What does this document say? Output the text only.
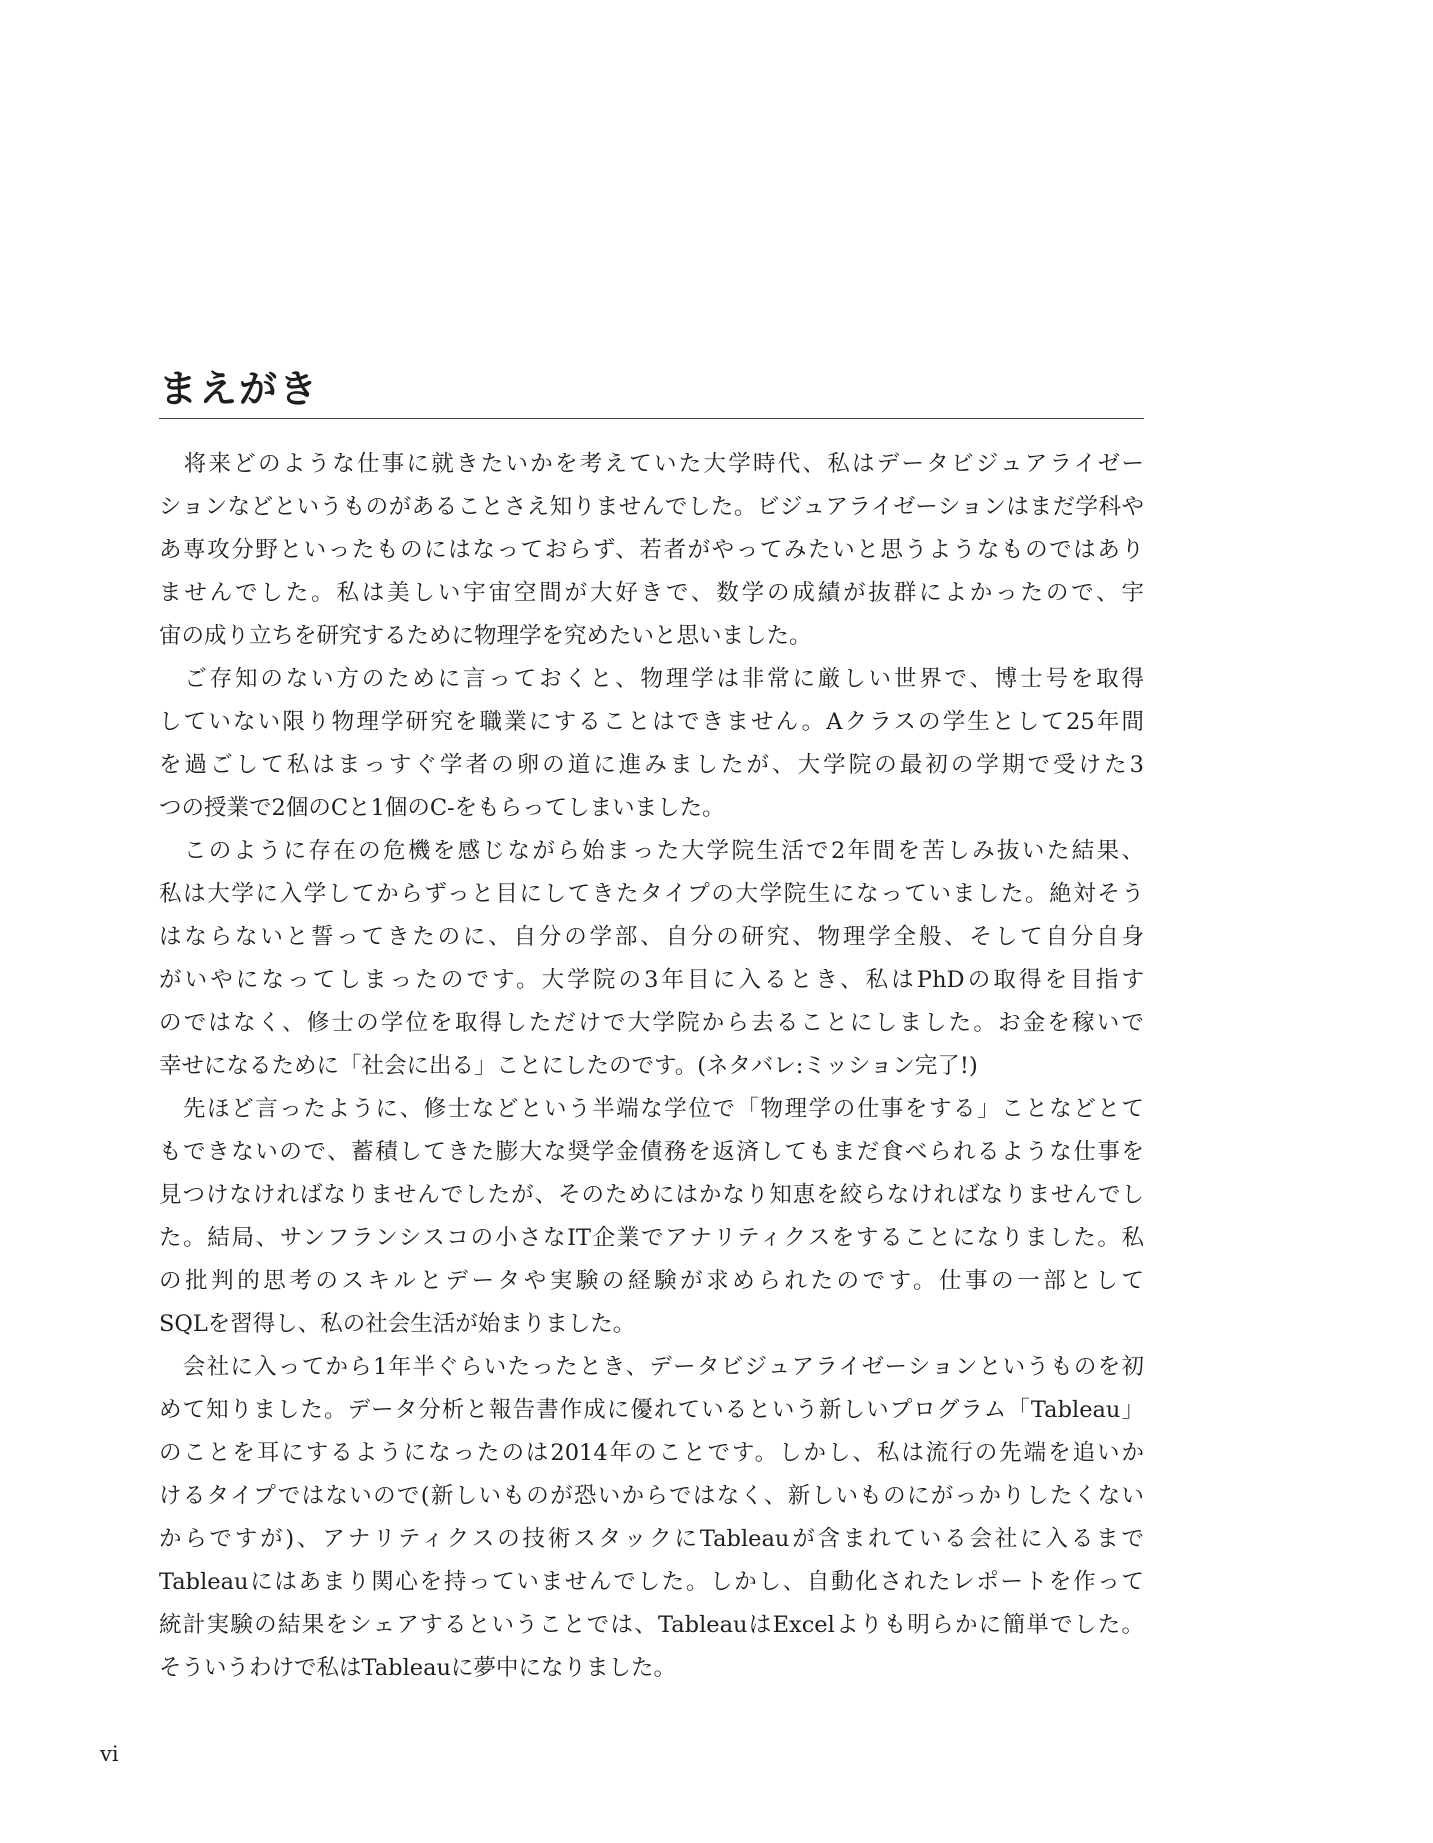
まえがき
　将来どのような仕事に就きたいかを考えていた大学時代、私はデータビジュアライゼー
ションなどというものがあることさえ知りませんでした。ビジュアライゼーションはまだ学科や
あ専攻分野といったものにはなっておらず、若者がやってみたいと思うようなものではあり
ませんでした。私は美しい宇宙空間が大好きで、数学の成績が抜群によかったので、宇
宙の成り立ちを研究するために物理学を究めたいと思いました。
　ご存知のない方のために言っておくと、物理学は非常に厳しい世界で、博士号を取得
していない限り物理学研究を職業にすることはできません。Aクラスの学生として25年間
を過ごして私はまっすぐ学者の卵の道に進みましたが、大学院の最初の学期で受けた3
つの授業で2個のCと1個のC-をもらってしまいました。
　このように存在の危機を感じながら始まった大学院生活で2年間を苦しみ抜いた結果、
私は大学に入学してからずっと目にしてきたタイプの大学院生になっていました。絶対そう
はならないと誓ってきたのに、自分の学部、自分の研究、物理学全般、そして自分自身
がいやになってしまったのです。大学院の3年目に入るとき、私はPhDの取得を目指す
のではなく、修士の学位を取得しただけで大学院から去ることにしました。お金を稼いで
幸せになるために「社会に出る」ことにしたのです。(ネタバレ:ミッション完了!)
　先ほど言ったように、修士などという半端な学位で「物理学の仕事をする」ことなどとて
もできないので、蓄積してきた膨大な奨学金債務を返済してもまだ食べられるような仕事を
見つけなければなりませんでしたが、そのためにはかなり知恵を絞らなければなりませんでし
た。結局、サンフランシスコの小さなIT企業でアナリティクスをすることになりました。私
の批判的思考のスキルとデータや実験の経験が求められたのです。仕事の一部として
SQLを習得し、私の社会生活が始まりました。
　会社に入ってから1年半ぐらいたったとき、データビジュアライゼーションというものを初
めて知りました。データ分析と報告書作成に優れているという新しいプログラム「Tableau」
のことを耳にするようになったのは2014年のことです。しかし、私は流行の先端を追いか
けるタイプではないので(新しいものが恐いからではなく、新しいものにがっかりしたくない
からですが)、アナリティクスの技術スタックにTableauが含まれている会社に入るまで
Tableauにはあまり関心を持っていませんでした。しかし、自動化されたレポートを作って
統計実験の結果をシェアするということでは、TableauはExcelよりも明らかに簡単でした。
そういうわけで私はTableauに夢中になりました。
vi
